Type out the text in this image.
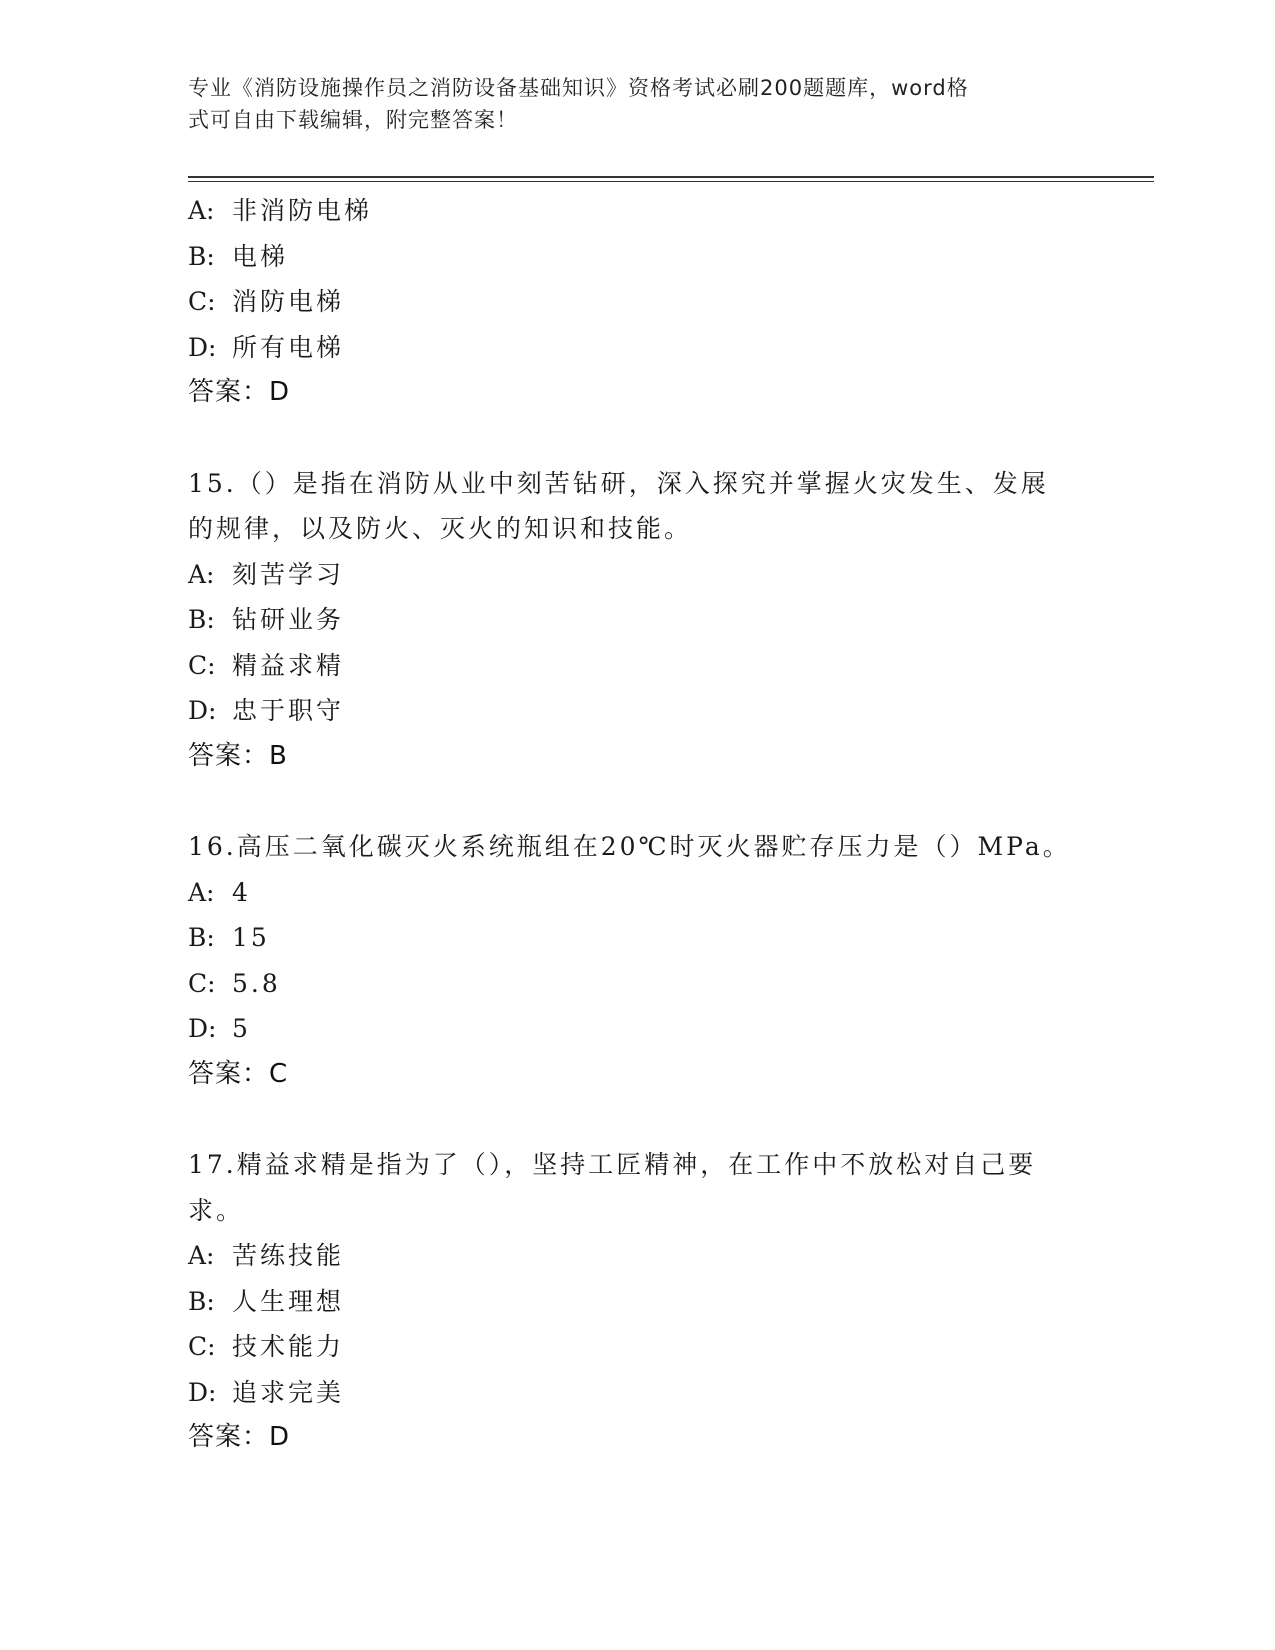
专业《消防设施操作员之消防设备基础知识》资格考试必刷200题题库，word格
式可自由下载编辑，附完整答案！
A: 非消防电梯
B: 电梯
C: 消防电梯
D: 所有电梯
答案：D
15.（）是指在消防从业中刻苦钻研，深入探究并掌握火灾发生、发展
的规律，以及防火、灭火的知识和技能。
A: 刻苦学习
B: 钻研业务
C: 精益求精
D: 忠于职守
答案：B
16.高压二氧化碳灭火系统瓶组在20℃时灭火器贮存压力是（）MPa。
A: 4
B: 15
C: 5.8
D: 5
答案：C
17.精益求精是指为了（），坚持工匠精神，在工作中不放松对自己要
求。
A: 苦练技能
B: 人生理想
C: 技术能力
D: 追求完美
答案：D
